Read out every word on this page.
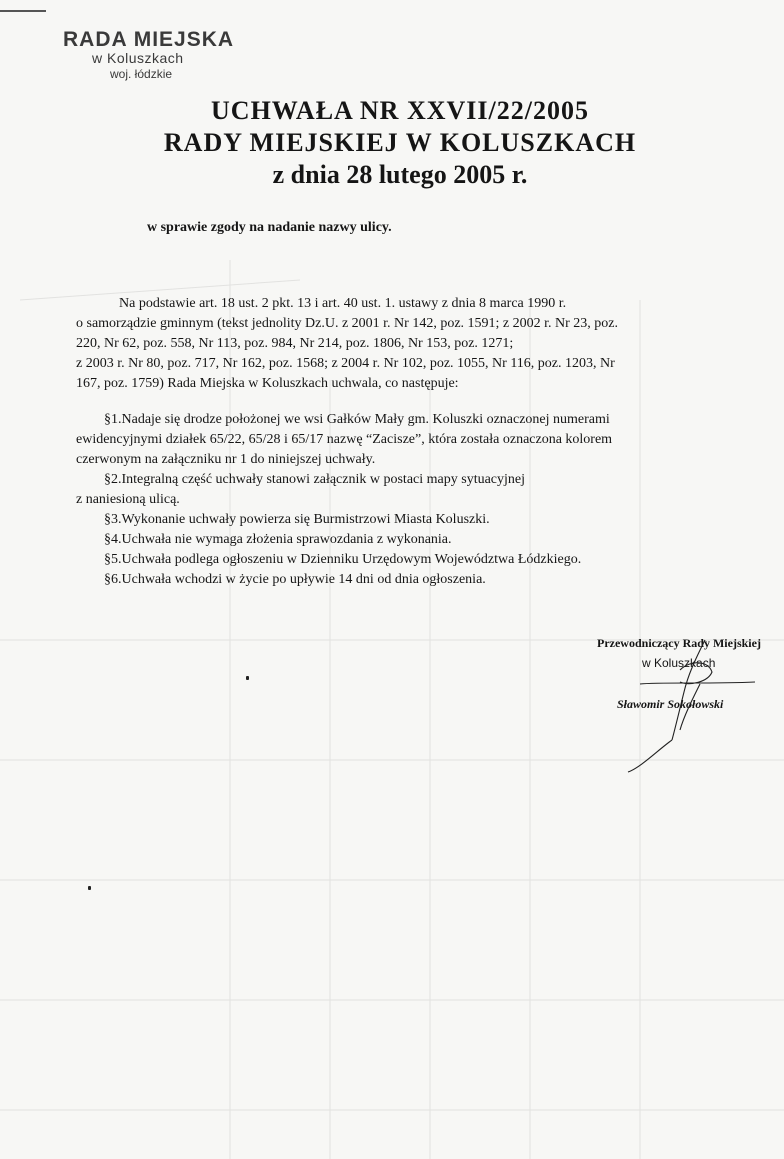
RADA MIEJSKA
w Koluszkach
woj. łódzkie
UCHWAŁA NR XXVII/22/2005
RADY MIEJSKIEJ W KOLUSZKACH
z dnia 28 lutego 2005 r.
w sprawie zgody na nadanie nazwy ulicy.
Na podstawie art. 18 ust. 2 pkt. 13 i art. 40 ust. 1. ustawy z dnia 8 marca 1990 r.
o samorządzie gminnym (tekst jednolity Dz.U. z 2001 r. Nr 142, poz. 1591; z 2002 r. Nr 23, poz.
220, Nr 62, poz. 558, Nr 113, poz. 984, Nr 214, poz. 1806, Nr 153, poz. 1271;
z 2003 r. Nr 80, poz. 717, Nr 162, poz. 1568; z 2004 r. Nr 102, poz. 1055, Nr 116, poz. 1203, Nr
167, poz. 1759) Rada Miejska w Koluszkach uchwala, co następuje:
§1.Nadaje się drodze położonej we wsi Gałków Mały gm. Koluszki oznaczonej numerami
ewidencyjnymi działek 65/22, 65/28 i 65/17 nazwę “Zacisze”, która została oznaczona kolorem
czerwonym na załączniku nr 1 do niniejszej uchwały.
§2.Integralną część uchwały stanowi załącznik w postaci mapy sytuacyjnej
z naniesioną ulicą.
§3.Wykonanie uchwały powierza się Burmistrzowi Miasta Koluszki.
§4.Uchwała nie wymaga złożenia sprawozdania z wykonania.
§5.Uchwała podlega ogłoszeniu w Dzienniku Urzędowym Województwa Łódzkiego.
§6.Uchwała wchodzi w życie po upływie 14 dni od dnia ogłoszenia.
Przewodniczący Rady Miejskiej
w Koluszkach
Sławomir Sokołowski
